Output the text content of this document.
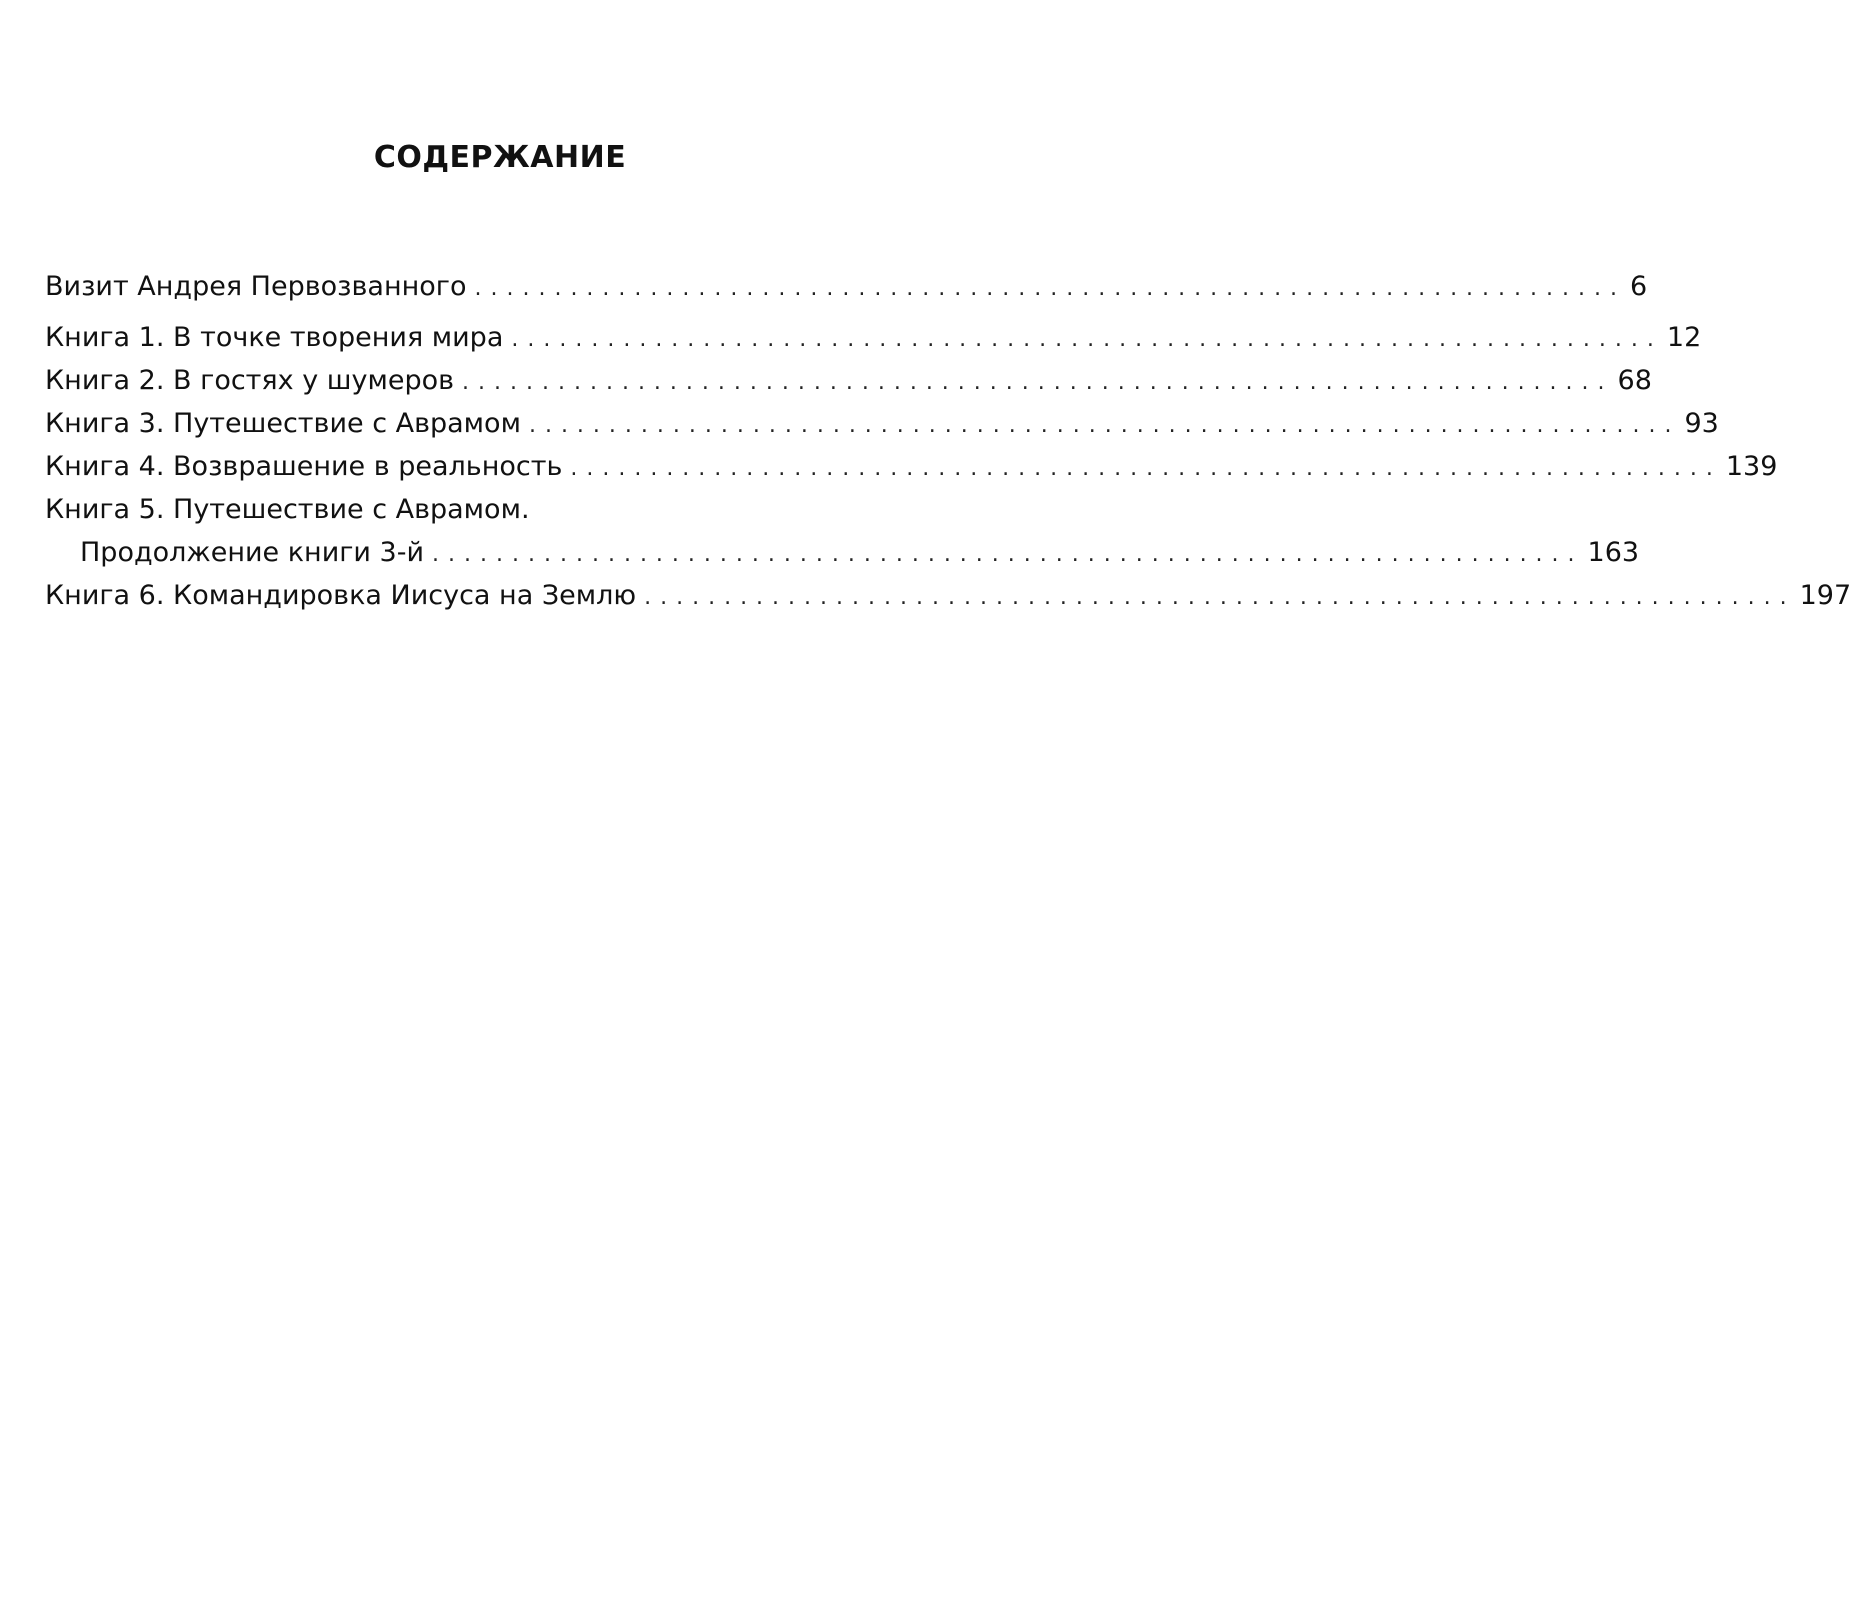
СОДЕРЖАНИЕ
Визит Андрея Первозванного ........................................................................ 6
Книга 1. В точке творения мира ........................................................................ 12
Книга 2. В гостях у шумеров ........................................................................ 68
Книга 3. Путешествие с Аврамом ........................................................................ 93
Книга 4. Возврашение в реальность ........................................................................ 139
Книга 5. Путешествие с Аврамом.
Продолжение книги 3-й ........................................................................ 163
Книга 6. Командировка Иисуса на Землю ........................................................................ 197
